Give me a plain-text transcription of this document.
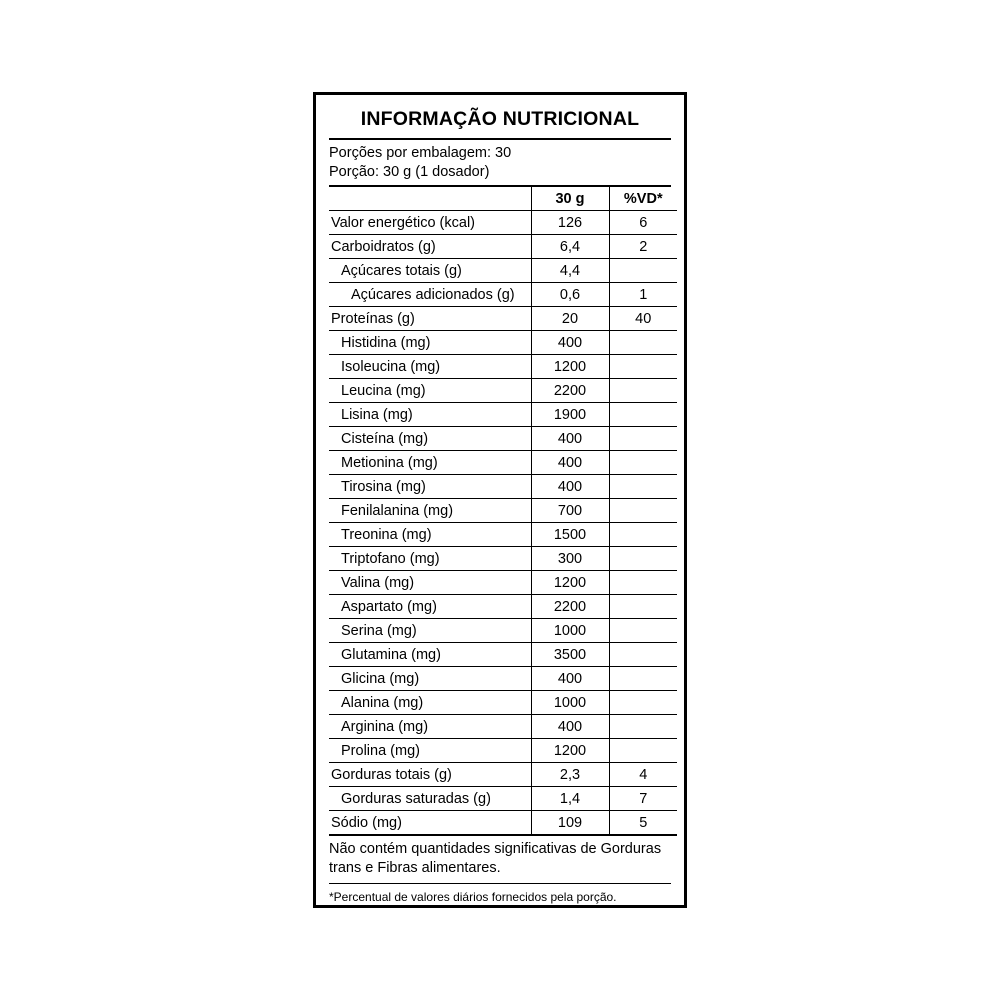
INFORMAÇÃO NUTRICIONAL
Porções por embalagem: 30
Porção: 30 g (1 dosador)
	30 g	%VD*
Valor energético (kcal)	126	6
Carboidratos (g)	6,4	2
Açúcares totais (g)	4,4	
Açúcares adicionados (g)	0,6	1
Proteínas (g)	20	40
Histidina (mg)	400	
Isoleucina (mg)	1200	
Leucina (mg)	2200	
Lisina (mg)	1900	
Cisteína (mg)	400	
Metionina (mg)	400	
Tirosina (mg)	400	
Fenilalanina (mg)	700	
Treonina (mg)	1500	
Triptofano (mg)	300	
Valina (mg)	1200	
Aspartato (mg)	2200	
Serina (mg)	1000	
Glutamina (mg)	3500	
Glicina (mg)	400	
Alanina (mg)	1000	
Arginina (mg)	400	
Prolina (mg)	1200	
Gorduras totais (g)	2,3	4
Gorduras saturadas (g)	1,4	7
Sódio (mg)	109	5
Não contém quantidades significativas de Gorduras trans e Fibras alimentares.
*Percentual de valores diários fornecidos pela porção.
